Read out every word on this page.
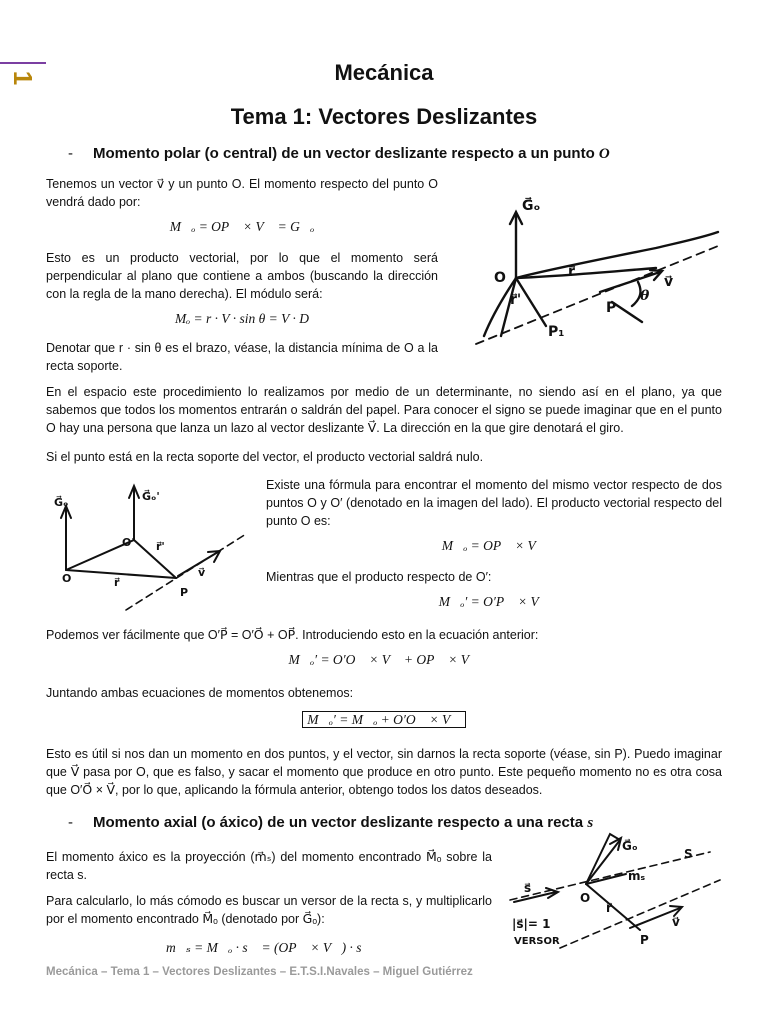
1	Mecánica
Tema 1: Vectores Deslizantes
- Momento polar (o central) de un vector deslizante respecto a un punto O
Tenemos un vector v⃗ y un punto O. El momento respecto del punto O vendrá dado por:
M⃗ₒ = OP⃗ × V⃗ = G⃗ₒ
Esto es un producto vectorial, por lo que el momento será perpendicular al plano que contiene a ambos (buscando la dirección con la regla de la mano derecha). El módulo será:
Mₒ = r · V · sin θ = V · D
Denotar que r · sin θ es el brazo, véase, la distancia mínima de O a la recta soporte.
G⃗ₒ
O	r⃗
r⃗'
P₁
P
v⃗
θ
En el espacio este procedimiento lo realizamos por medio de un determinante, no siendo así en el plano, ya que sabemos que todos los momentos entrarán o saldrán del papel. Para conocer el signo se puede imaginar que en el punto O hay una persona que lanza un lazo al vector deslizante V⃗. La dirección en la que gire denotará el giro.
Si el punto está en la recta soporte del vector, el producto vectorial saldrá nulo.
G⃗ₒ	G⃗ₒ'
O' r⃗'
O	r⃗
P
v⃗
Existe una fórmula para encontrar el momento del mismo vector respecto de dos puntos O y O′ (denotado en la imagen del lado). El producto vectorial respecto del punto O es:
M⃗ₒ = OP⃗ × V⃗
Mientras que el producto respecto de O′:
M⃗ₒ′ = O′P⃗ × V⃗
Podemos ver fácilmente que O′P⃗ = O′O⃗ + OP⃗. Introduciendo esto en la ecuación anterior:
M⃗ₒ′ = O′O⃗ × V⃗ + OP⃗ × V⃗
Juntando ambas ecuaciones de momentos obtenemos:
M⃗ₒ′ = M⃗ₒ + O′O⃗ × V⃗
Esto es útil si nos dan un momento en dos puntos, y el vector, sin darnos la recta soporte (véase, sin P). Puedo imaginar que V⃗ pasa por O, que es falso, y sacar el momento que produce en otro punto. Este pequeño momento no es otra cosa que O′O⃗ × V⃗, por lo que, aplicando la fórmula anterior, obtengo todos los datos deseados.
- Momento axial (o áxico) de un vector deslizante respecto a una recta s
El momento áxico es la proyección (m⃗ₛ) del momento encontrado M⃗ₒ sobre la recta s.
Para calcularlo, lo más cómodo es buscar un versor de la recta s, y multiplicarlo por el momento encontrado M⃗ₒ (denotado por G⃗ₒ):
m⃗ₛ = M⃗ₒ · s⃗ = (OP⃗ × V⃗) · s⃗
s⃗
|s⃗|= 1
VERSOR
G⃗ₒ
mₛ
O
r⃗
P
v⃗
S
Mecánica – Tema 1 – Vectores Deslizantes – E.T.S.I.Navales – Miguel Gutiérrez
